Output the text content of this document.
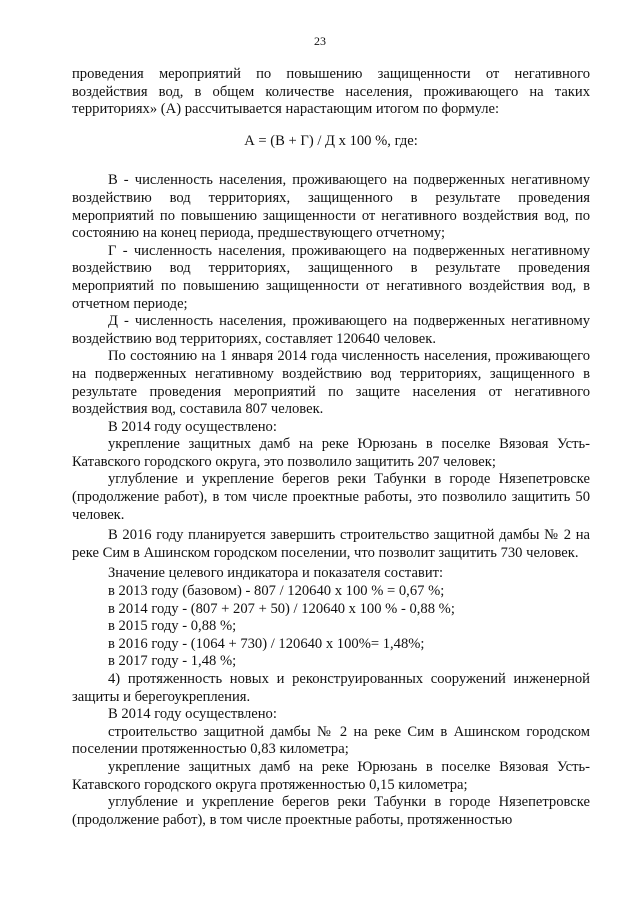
23

проведения мероприятий по повышению защищенности от негативного воздействия вод, в общем количестве населения, проживающего на таких территориях» (А) рассчитывается нарастающим итогом по формуле:

А = (В + Г) / Д х 100 %, где:

В - численность населения, проживающего на подверженных негативному воздействию вод территориях, защищенного в результате проведения мероприятий по повышению защищенности от негативного воздействия вод, по состоянию на конец периода, предшествующего отчетному;

Г - численность населения, проживающего на подверженных негативному воздействию вод территориях, защищенного в результате проведения мероприятий по повышению защищенности от негативного воздействия вод, в отчетном периоде;

Д - численность населения, проживающего на подверженных негативному воздействию вод территориях, составляет 120640 человек.

По состоянию на 1 января 2014 года численность населения, проживающего на подверженных негативному воздействию вод территориях, защищенного в результате проведения мероприятий по защите населения от негативного воздействия вод, составила 807 человек.

В 2014 году осуществлено:

укрепление защитных дамб на реке Юрюзань в поселке Вязовая Усть-Катавского городского округа, это позволило защитить 207 человек;

углубление и укрепление берегов реки Табунки в городе Нязепетровске (продолжение работ), в том числе проектные работы, это позволило защитить 50 человек.

В 2016 году планируется завершить строительство защитной дамбы № 2 на реке Сим в Ашинском городском поселении, что позволит защитить 730 человек.

Значение целевого индикатора и показателя составит:

в 2013 году (базовом) - 807 / 120640 х 100 % = 0,67 %;

в 2014 году - (807 + 207 + 50) / 120640 х 100 % - 0,88 %;

в 2015 году - 0,88 %;

в 2016 году - (1064 + 730) / 120640 х 100%= 1,48%;

в 2017 году - 1,48 %;

4) протяженность новых и реконструированных сооружений инженерной защиты и берегоукрепления.

В 2014 году осуществлено:

строительство защитной дамбы № 2 на реке Сим в Ашинском городском поселении протяженностью 0,83 километра;

укрепление защитных дамб на реке Юрюзань в поселке Вязовая Усть-Катавского городского округа протяженностью 0,15 километра;

углубление и укрепление берегов реки Табунки в городе Нязепетровске (продолжение работ), в том числе проектные работы, протяженностью
